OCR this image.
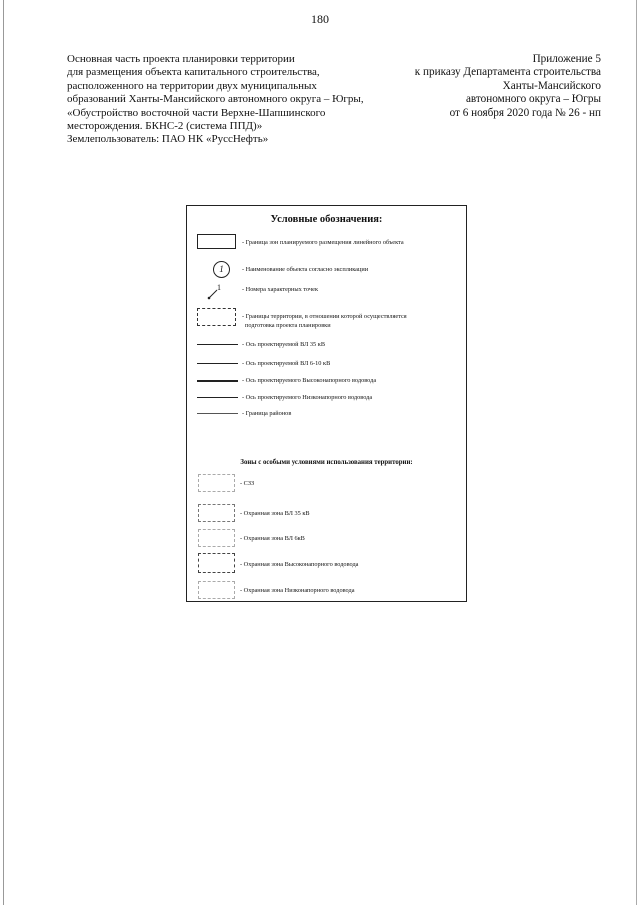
180
Основная часть проекта планировки территории
для размещения объекта капитального строительства,
расположенного на территории двух муниципальных
образований Ханты-Мансийского автономного округа – Югры,
«Обустройство восточной части Верхне-Шапшинского
месторождения. БКНС-2 (система ППД)»
Землепользователь: ПАО НК «РуссНефть»
Приложение 5
к приказу Департамента строительства
Ханты-Мансийского
автономного округа – Югры
от 6 ноября 2020 года № 26 - нп
Условные обозначения:
- Граница зон планируемого размещения линейного объекта
1	- Наименование объекта согласно экспликации
1	- Номера характерных точек
- Границы территории, в отношении которой осуществляется
подготовка проекта планировки
- Ось проектируемой ВЛ 35 кВ
- Ось проектируемой ВЛ 6-10 кВ
- Ось проектируемого Высоконапорного водовода
- Ось проектируемого Низконапорного водовода
- Граница районов
Зоны с особыми условиями использования территории:
- СЗЗ
- Охранная зона ВЛ 35 кВ
- Охранная зона ВЛ 6кВ
- Охранная зона Высоконапорного водовода
- Охранная зона Низконапорного водовода
